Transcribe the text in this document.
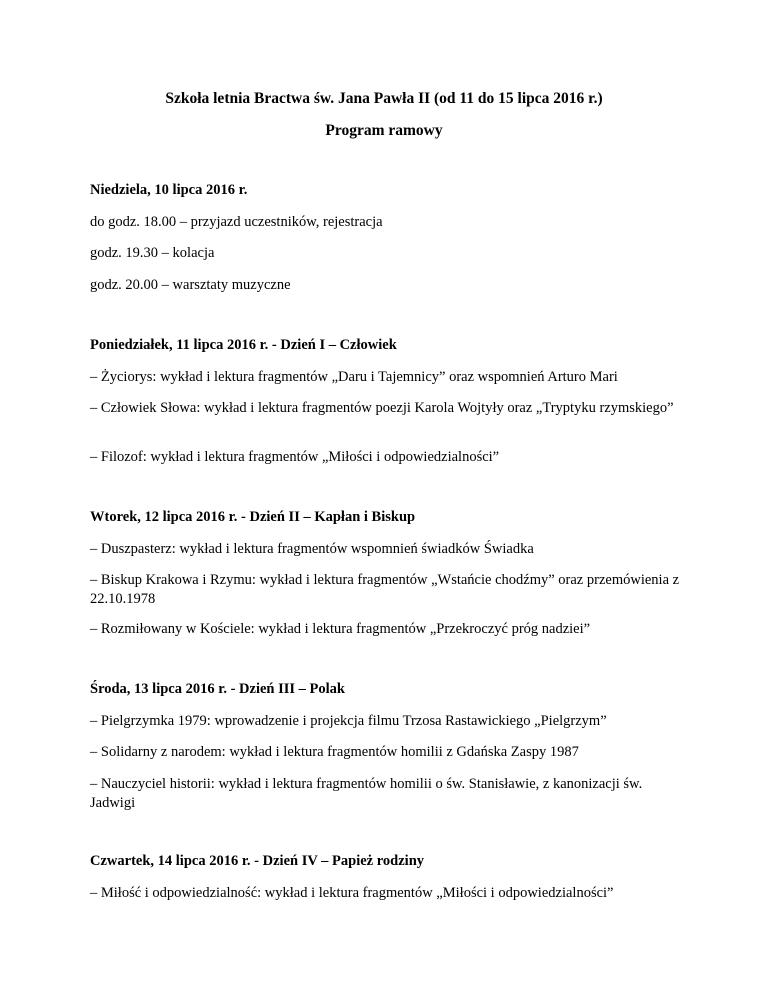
Szkoła letnia Bractwa św. Jana Pawła II (od 11 do 15 lipca 2016 r.)
Program ramowy
Niedziela, 10 lipca 2016 r.
do godz. 18.00 – przyjazd uczestników, rejestracja
godz. 19.30 – kolacja
godz. 20.00 – warsztaty muzyczne
Poniedziałek, 11 lipca 2016 r. - Dzień I – Człowiek
– Życiorys: wykład i lektura fragmentów „Daru i Tajemnicy” oraz wspomnień Arturo Mari
– Człowiek Słowa: wykład i lektura fragmentów poezji Karola Wojtyły oraz „Tryptyku rzymskiego”
– Filozof: wykład i lektura fragmentów „Miłości i odpowiedzialności”
Wtorek, 12 lipca 2016 r. - Dzień II – Kapłan i Biskup
– Duszpasterz: wykład i lektura fragmentów wspomnień świadków Świadka
– Biskup Krakowa i Rzymu: wykład i lektura fragmentów „Wstańcie chodźmy” oraz przemówienia z 22.10.1978
– Rozmiłowany w Kościele: wykład i lektura fragmentów „Przekroczyć próg nadziei”
Środa, 13 lipca 2016 r. - Dzień III – Polak
– Pielgrzymka 1979: wprowadzenie i projekcja filmu Trzosa Rastawickiego „Pielgrzym”
– Solidarny z narodem: wykład i lektura fragmentów homilii z Gdańska Zaspy 1987
– Nauczyciel historii: wykład i lektura fragmentów homilii o św. Stanisławie, z kanonizacji św. Jadwigi
Czwartek, 14 lipca 2016 r. - Dzień IV – Papież rodziny
– Miłość i odpowiedzialność: wykład i lektura fragmentów „Miłości i odpowiedzialności”
